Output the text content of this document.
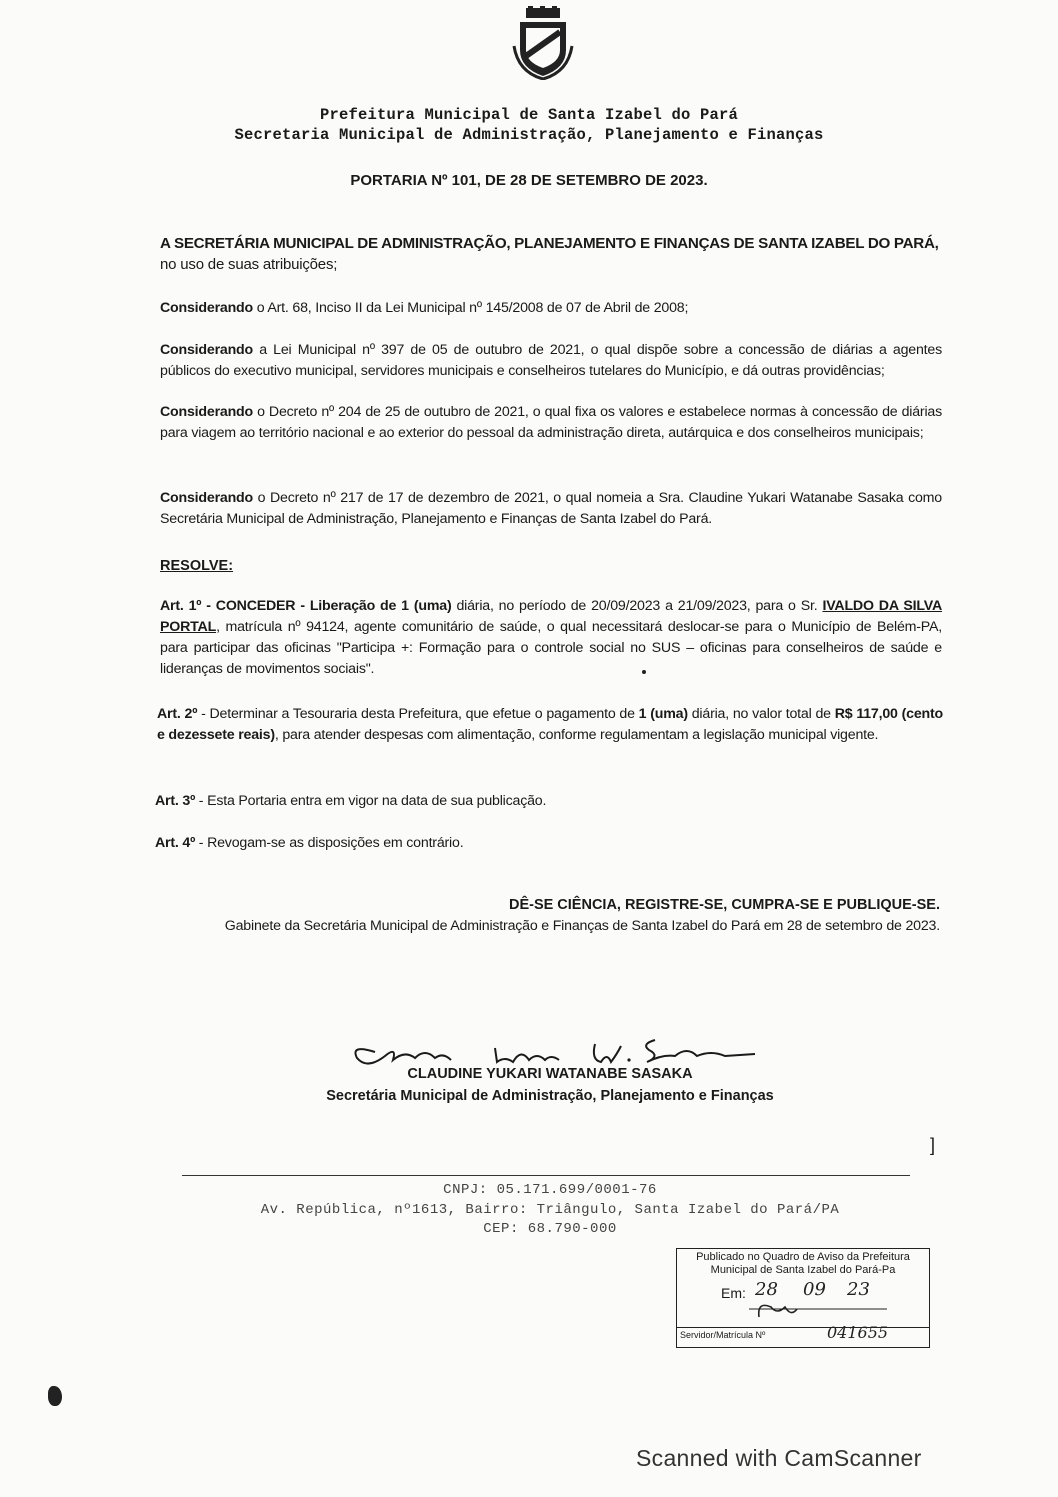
Prefeitura Municipal de Santa Izabel do Pará
Secretaria Municipal de Administração, Planejamento e Finanças
PORTARIA Nº 101, DE 28 DE SETEMBRO DE 2023.
A SECRETÁRIA MUNICIPAL DE ADMINISTRAÇÃO, PLANEJAMENTO E FINANÇAS DE SANTA IZABEL DO PARÁ,
no uso de suas atribuições;
Considerando o Art. 68, Inciso II da Lei Municipal nº 145/2008 de 07 de Abril de 2008;
Considerando a Lei Municipal nº 397 de 05 de outubro de 2021, o qual dispõe sobre a concessão de diárias a agentes públicos do executivo municipal, servidores municipais e conselheiros tutelares do Município, e dá outras providências;
Considerando o Decreto nº 204 de 25 de outubro de 2021, o qual fixa os valores e estabelece normas à concessão de diárias para viagem ao território nacional e ao exterior do pessoal da administração direta, autárquica e dos conselheiros municipais;
Considerando o Decreto nº 217 de 17 de dezembro de 2021, o qual nomeia a Sra. Claudine Yukari Watanabe Sasaka como Secretária Municipal de Administração, Planejamento e Finanças de Santa Izabel do Pará.
RESOLVE:
Art. 1º - CONCEDER - Liberação de 1 (uma) diária, no período de 20/09/2023 a 21/09/2023, para o Sr. IVALDO DA SILVA PORTAL, matrícula nº 94124, agente comunitário de saúde, o qual necessitará deslocar-se para o Município de Belém-PA, para participar das oficinas "Participa +: Formação para o controle social no SUS – oficinas para conselheiros de saúde e lideranças de movimentos sociais".
Art. 2º - Determinar a Tesouraria desta Prefeitura, que efetue o pagamento de 1 (uma) diária, no valor total de R$ 117,00 (cento e dezessete reais), para atender despesas com alimentação, conforme regulamentam a legislação municipal vigente.
Art. 3º - Esta Portaria entra em vigor na data de sua publicação.
Art. 4º - Revogam-se as disposições em contrário.
DÊ-SE CIÊNCIA, REGISTRE-SE, CUMPRA-SE E PUBLIQUE-SE.
Gabinete da Secretária Municipal de Administração e Finanças de Santa Izabel do Pará em 28 de setembro de 2023.
CLAUDINE YUKARI WATANABE SASAKA
Secretária Municipal de Administração, Planejamento e Finanças
]
CNPJ: 05.171.699/0001-76
Av. República, nº1613, Bairro: Triângulo, Santa Izabel do Pará/PA
CEP: 68.790-000
Publicado no Quadro de Aviso da Prefeitura
Municipal de Santa Izabel do Pará-Pa
Em: 28 09 23
Servidor/Matrícula Nº	041655
Scanned with CamScanner
